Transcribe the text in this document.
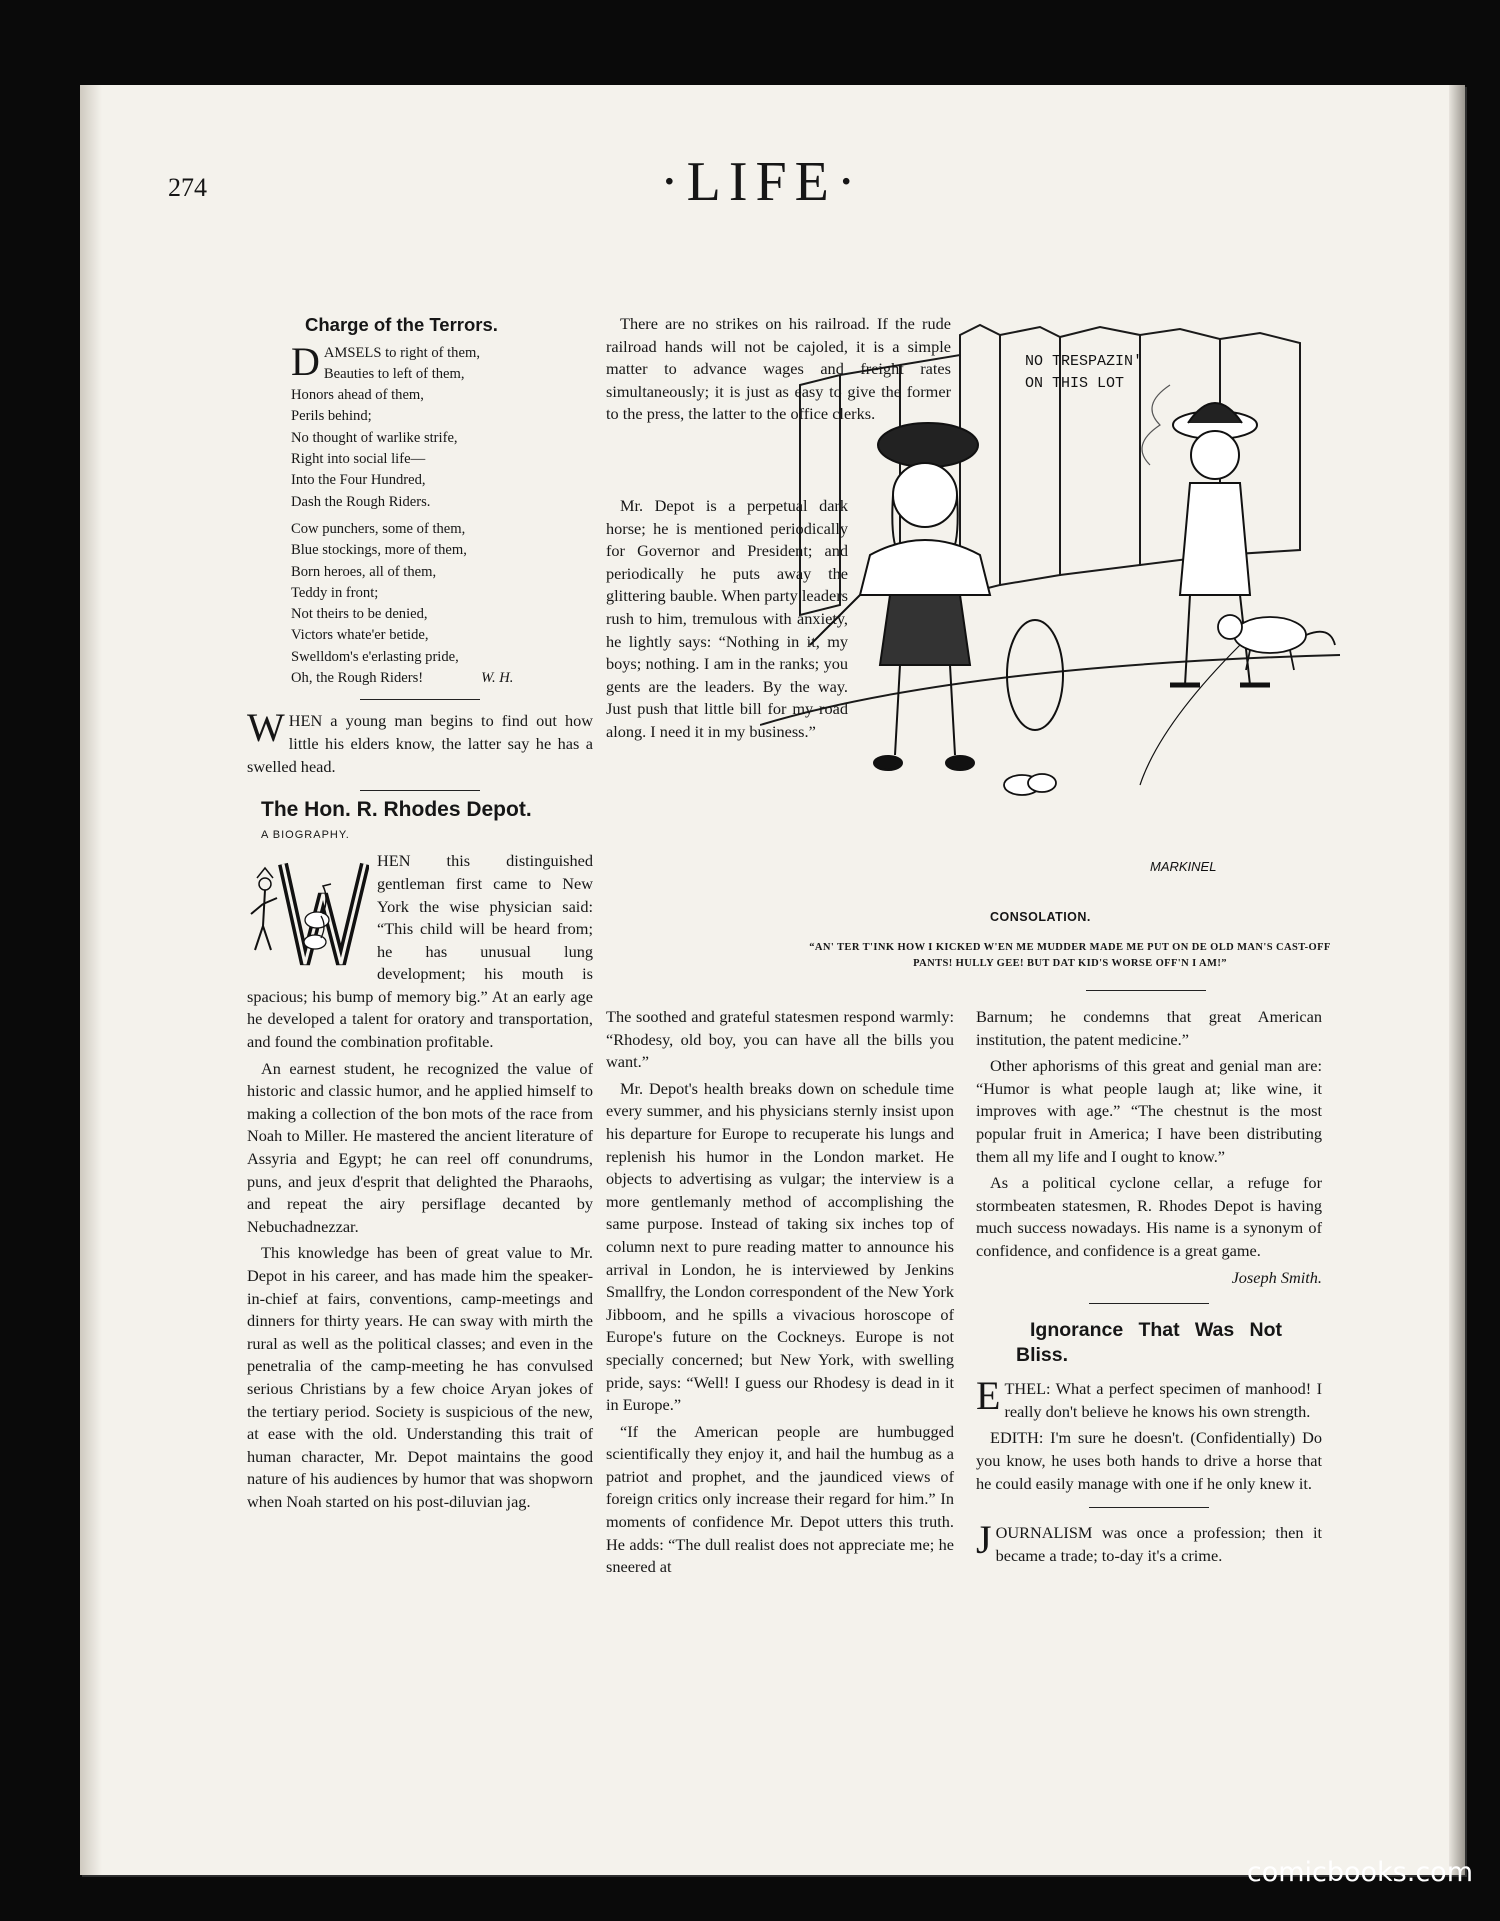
274	·LIFE·

Charge of the Terrors.

D AMSELS to right of them,
Beauties to left of them,
Honors ahead of them,
Perils behind;
No thought of warlike strife,
Right into social life—
Into the Four Hundred,
Dash the Rough Riders.
Cow punchers, some of them,
Blue stockings, more of them,
Born heroes, all of them,
Teddy in front;
Not theirs to be denied,
Victors whate'er betide,
Swelldom's e'erlasting pride,
Oh, the Rough Riders!	W. H.

WHEN a young man begins to find out how little his elders know, the latter say he has a swelled head.

The Hon. R. Rhodes Depot.

A BIOGRAPHY.

HEN this distinguished gentleman first came to New York the wise physician said: “This child will be heard from; he has unusual lung development; his mouth is spacious; his bump of memory big.” At an early age he developed a talent for oratory and transportation, and found the combination profitable.

An earnest student, he recognized the value of historic and classic humor, and he applied himself to making a collection of the bon mots of the race from Noah to Miller. He mastered the ancient literature of Assyria and Egypt; he can reel off conundrums, puns, and jeux d'esprit that delighted the Pharaohs, and repeat the airy persiflage decanted by Nebuchadnezzar.

This knowledge has been of great value to Mr. Depot in his career, and has made him the speaker-in-chief at fairs, conventions, camp-meetings and dinners for thirty years. He can sway with mirth the rural as well as the political classes; and even in the penetralia of the camp-meeting he has convulsed serious Christians by a few choice Aryan jokes of the tertiary period. Society is suspicious of the new, at ease with the old. Understanding this trait of human character, Mr. Depot maintains the good nature of his audiences by humor that was shopworn when Noah started on his post-diluvian jag.

NO TRESPAZIN'
ON THIS LOT
MARKINEL
CONSOLATION.
“AN' TER T'INK HOW I KICKED W'EN ME MUDDER MADE ME PUT ON DE OLD MAN'S CAST-OFF PANTS! HULLY GEE! BUT DAT KID'S WORSE OFF'N I AM!”

There are no strikes on his railroad. If the rude railroad hands will not be cajoled, it is a simple matter to advance wages and freight rates simultaneously; it is just as easy to give the former to the press, the latter to the office clerks.

Mr. Depot is a perpetual dark horse; he is mentioned periodically for Governor and President; and periodically he puts away the glittering bauble. When party leaders rush to him, tremulous with anxiety, he lightly says: “Nothing in it, my boys; nothing. I am in the ranks; you gents are the leaders. By the way. Just push that little bill for my road along. I need it in my business.”

The soothed and grateful statesmen respond warmly: “Rhodesy, old boy, you can have all the bills you want.”

Mr. Depot's health breaks down on schedule time every summer, and his physicians sternly insist upon his departure for Europe to recuperate his lungs and replenish his humor in the London market. He objects to advertising as vulgar; the interview is a more gentlemanly method of accomplishing the same purpose. Instead of taking six inches top of column next to pure reading matter to announce his arrival in London, he is interviewed by Jenkins Smallfry, the London correspondent of the New York Jibboom, and he spills a vivacious horoscope of Europe's future on the Cockneys. Europe is not specially concerned; but New York, with swelling pride, says: “Well! I guess our Rhodesy is dead in it in Europe.”

“If the American people are humbugged scientifically they enjoy it, and hail the humbug as a patriot and prophet, and the jaundiced views of foreign critics only increase their regard for him.” In moments of confidence Mr. Depot utters this truth. He adds: “The dull realist does not appreciate me; he sneered at

Barnum; he condemns that great American institution, the patent medicine.”

Other aphorisms of this great and genial man are: “Humor is what people laugh at; like wine, it improves with age.” “The chestnut is the most popular fruit in America; I have been distributing them all my life and I ought to know.”

As a political cyclone cellar, a refuge for stormbeaten statesmen, R. Rhodes Depot is having much success nowadays. His name is a synonym of confidence, and confidence is a great game.

Joseph Smith.

Ignorance That Was Not Bliss.

ETHEL: What a perfect specimen of manhood! I really don't believe he knows his own strength.

EDITH: I'm sure he doesn't. (Confidentially) Do you know, he uses both hands to drive a horse that he could easily manage with one if he only knew it.

JOURNALISM was once a profession; then it became a trade; to-day it's a crime.

comicbooks.com
